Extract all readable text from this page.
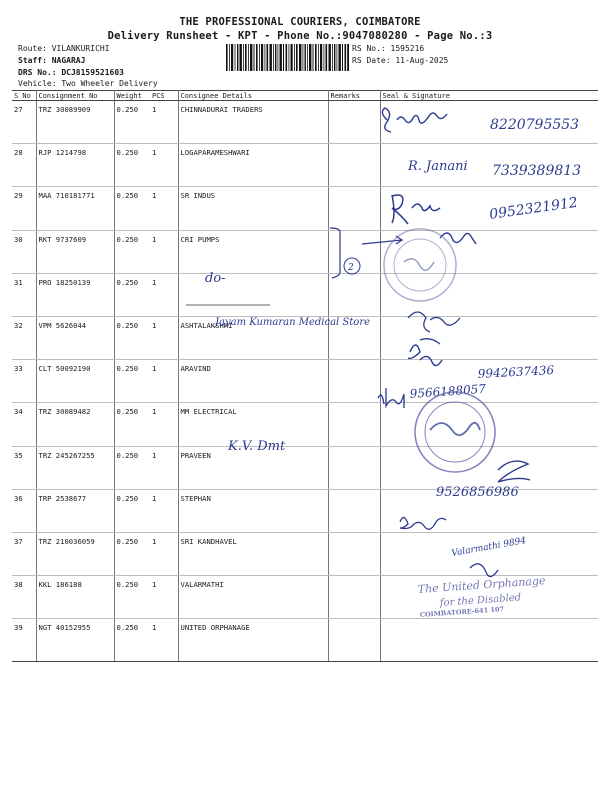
THE PROFESSIONAL COURIERS, COIMBATORE
Delivery Runsheet - KPT - Phone No.:9047080280 - Page No.:3
Route: VILANKURICHI
Staff: NAGARAJ
DRS No.: DCJ8159521603
Vehicle: Two Wheeler Delivery
RS No.: 1595216
RS Date: 11-Aug-2025
S No	Consignment No	Weight	PCS	Consignee Details	Remarks	Seal & Signature
27	TRZ 30089909	0.250	1	CHINNADURAI TRADERS		
28	RJP 1214798	0.250	1	LOGAPARAMESHWARI		
29	MAA 710181771	0.250	1	SR INDUS		
30	RKT 9737609	0.250	1	CRI PUMPS		
31	PRO 18250139	0.250	1			
32	VPM 5626044	0.250	1	ASHTALAKSHMI		
33	CLT 50092190	0.250	1	ARAVIND		
34	TRZ 30089482	0.250	1	MM ELECTRICAL		
35	TRZ 245267255	0.250	1	PRAVEEN		
36	TRP 2538677	0.250	1	STEPHAN		
37	TRZ 210036059	0.250	1	SRI KANDHAVEL		
38	KKL 186188	0.250	1	VALARMATHI		
39	NGT 40152955	0.250	1	UNITED ORPHANAGE		
8220795553
R. Janani 7339389813
0952321912
2
do-
Jayam Kumaran Medical Store
9942637436
9566188057
K.V. Dmt
9526856986
Valarmathi 9894
The United Orphanage
for the Disabled
COIMBATORE-641 107
